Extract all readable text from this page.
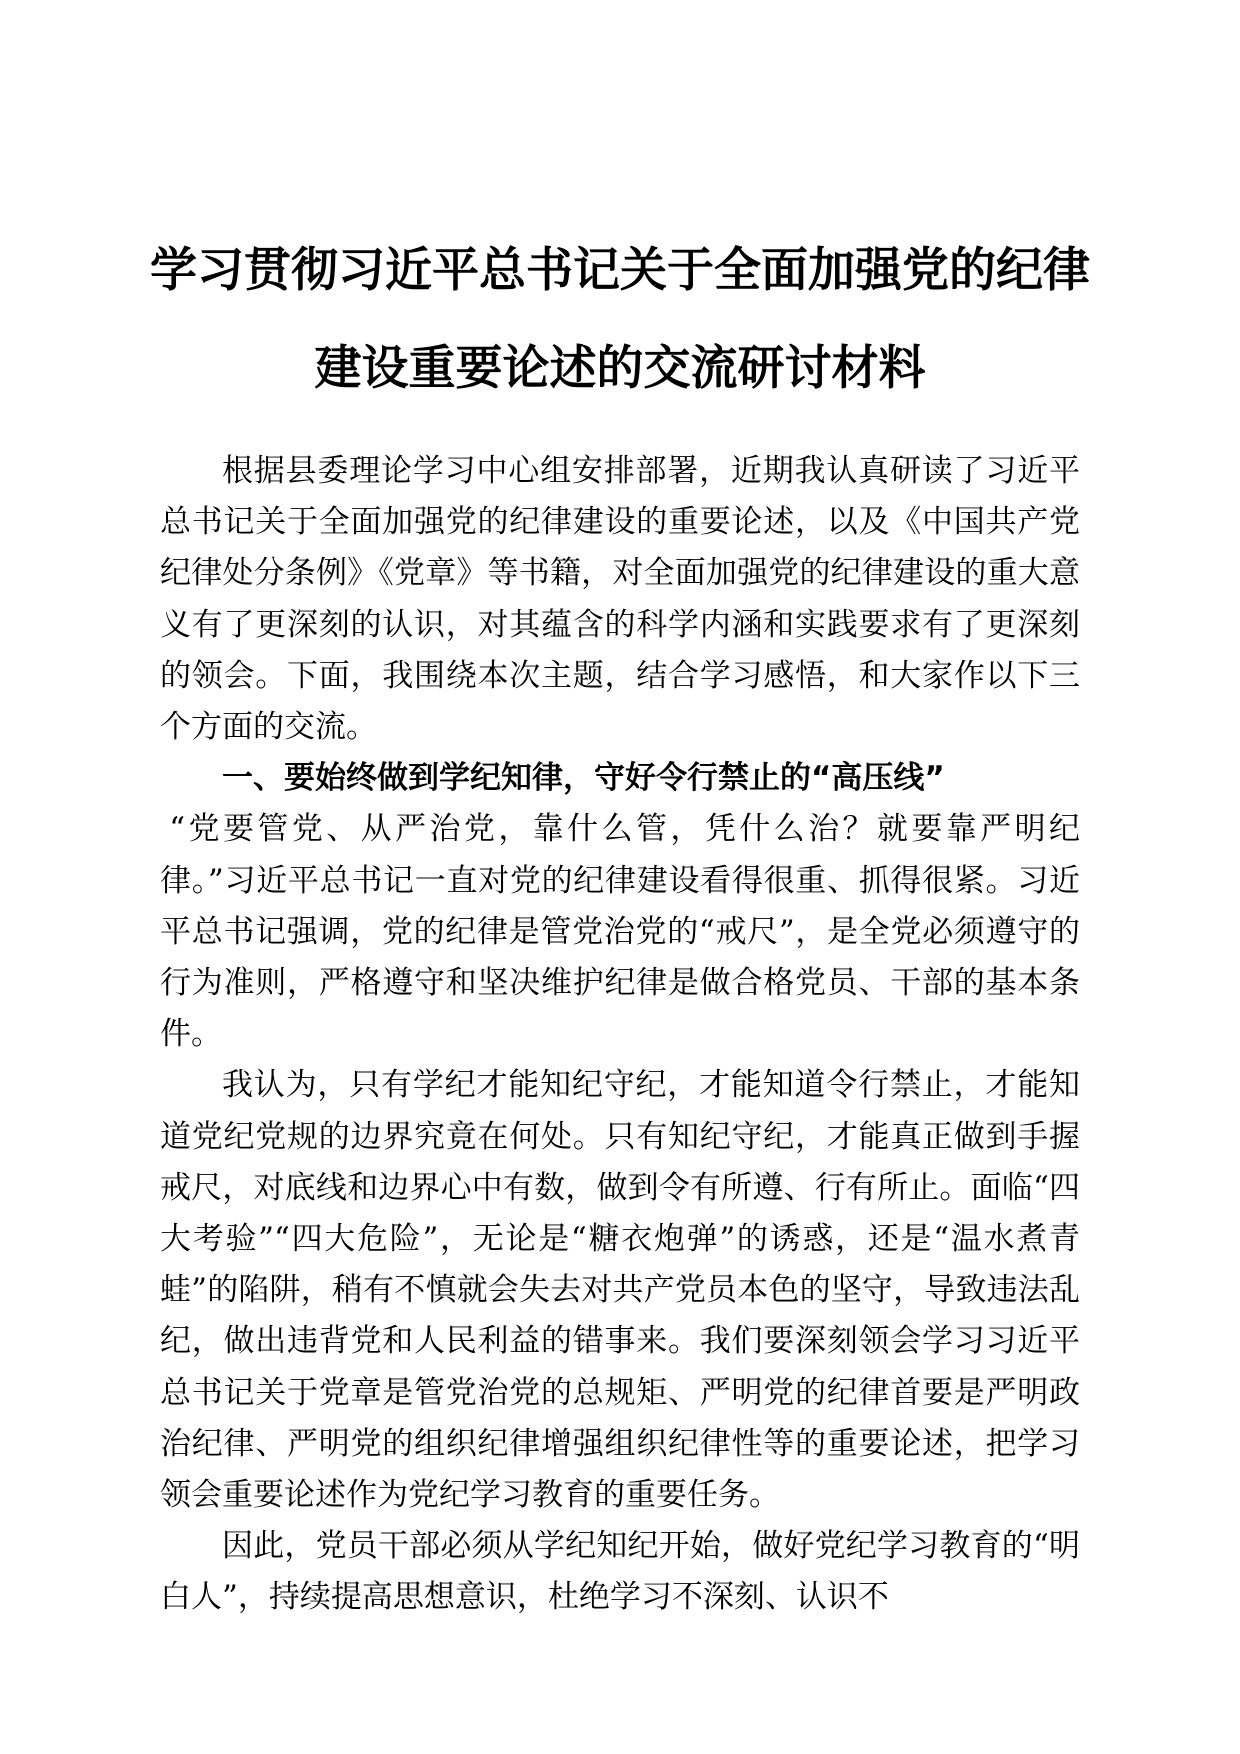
学习贯彻习近平总书记关于全面加强党的纪律
建设重要论述的交流研讨材料

根据县委理论学习中心组安排部署，近期我认真研读了习近平总书记关于全面加强党的纪律建设的重要论述，以及《中国共产党纪律处分条例》《党章》等书籍，对全面加强党的纪律建设的重大意义有了更深刻的认识，对其蕴含的科学内涵和实践要求有了更深刻的领会。下面，我围绕本次主题，结合学习感悟，和大家作以下三个方面的交流。

一、要始终做到学纪知律，守好令行禁止的“高压线”

“党要管党、从严治党，靠什么管，凭什么治？就要靠严明纪律。”习近平总书记一直对党的纪律建设看得很重、抓得很紧。习近平总书记强调，党的纪律是管党治党的“戒尺”，是全党必须遵守的行为准则，严格遵守和坚决维护纪律是做合格党员、干部的基本条件。

我认为，只有学纪才能知纪守纪，才能知道令行禁止，才能知道党纪党规的边界究竟在何处。只有知纪守纪，才能真正做到手握戒尺，对底线和边界心中有数，做到令有所遵、行有所止。面临“四大考验”“四大危险”，无论是“糖衣炮弹”的诱惑，还是“温水煮青蛙”的陷阱，稍有不慎就会失去对共产党员本色的坚守，导致违法乱纪，做出违背党和人民利益的错事来。我们要深刻领会学习习近平总书记关于党章是管党治党的总规矩、严明党的纪律首要是严明政治纪律、严明党的组织纪律增强组织纪律性等的重要论述，把学习领会重要论述作为党纪学习教育的重要任务。

因此，党员干部必须从学纪知纪开始，做好党纪学习教育的“明白人”，持续提高思想意识，杜绝学习不深刻、认识不
